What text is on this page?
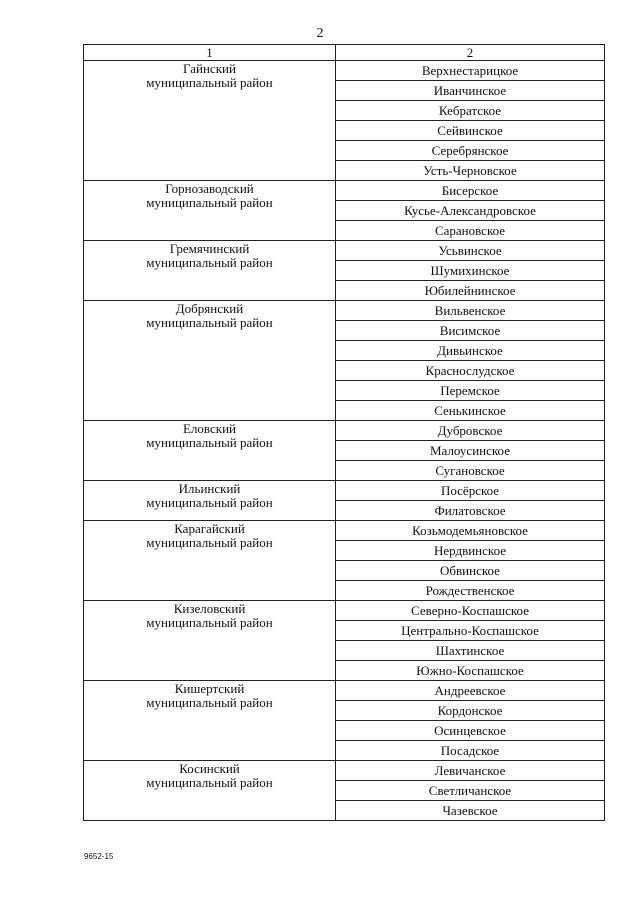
2
1	2

Гайнский
муниципальный район	Верхнестарицкое
	Иванчинское
	Кебратское
	Сейвинское
	Серебрянское
	Усть-Черновское

Горнозаводский
муниципальный район	Бисерское
	Кусье-Александровское
	Сарановское

Гремячинский
муниципальный район	Усьвинское
	Шумихинское
	Юбилейнинское

Добрянский
муниципальный район	Вильвенское
	Висимское
	Дивьинское
	Краснослудское
	Перемское
	Сенькинское

Еловский
муниципальный район	Дубровское
	Малоусинское
	Сугановское

Ильинский
муниципальный район	Посёрское
	Филатовское

Карагайский
муниципальный район	Козьмодемьяновское
	Нердвинское
	Обвинское
	Рождественское

Кизеловский
муниципальный район	Северно-Коспашское
	Центрально-Коспашское
	Шахтинское
	Южно-Коспашское

Кишертский
муниципальный район	Андреевское
	Кордонское
	Осинцевское
	Посадское

Косинский
муниципальный район	Левичанское
	Светличанское
	Чазевское
9652-15
